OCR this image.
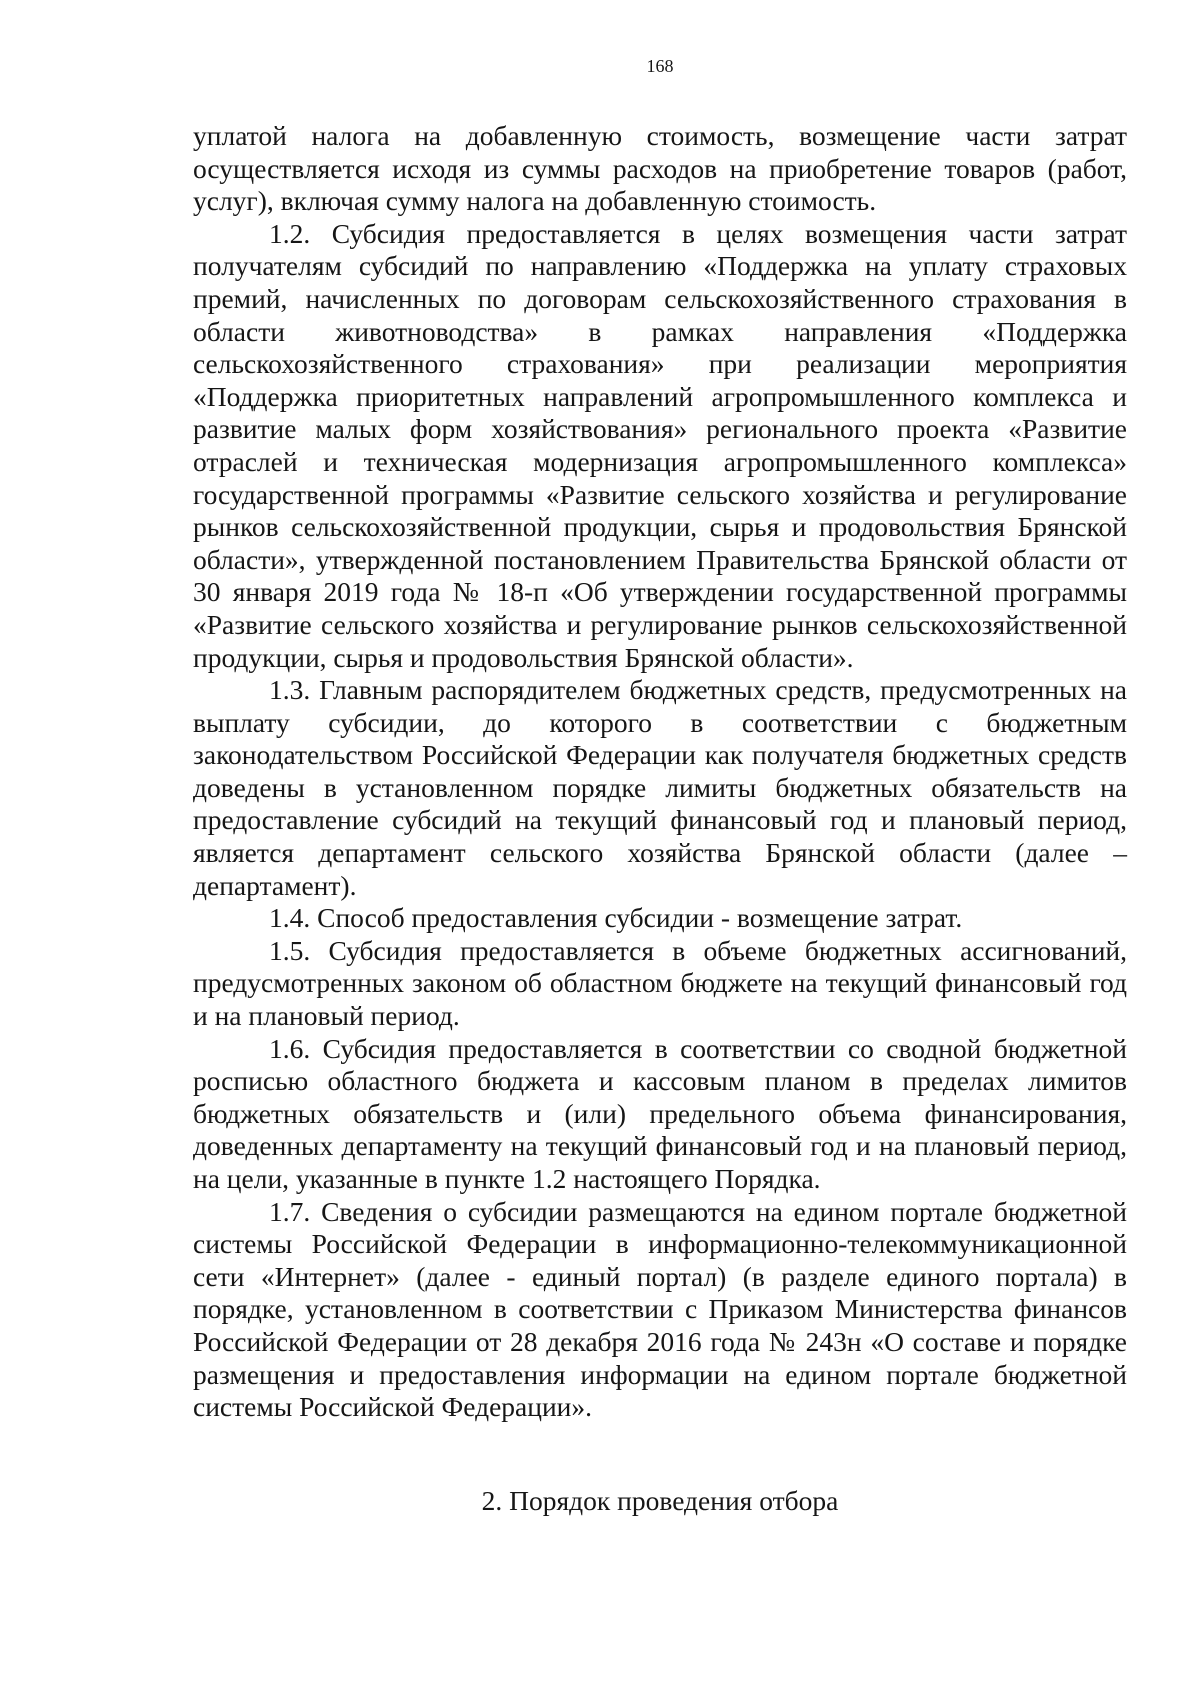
168

уплатой налога на добавленную стоимость, возмещение части затрат осуществляется исходя из суммы расходов на приобретение товаров (работ, услуг), включая сумму налога на добавленную стоимость.

1.2. Субсидия предоставляется в целях возмещения части затрат получателям субсидий по направлению «Поддержка на уплату страховых премий, начисленных по договорам сельскохозяйственного страхования в области животноводства» в рамках направления «Поддержка сельскохозяйственного страхования» при реализации мероприятия «Поддержка приоритетных направлений агропромышленного комплекса и развитие малых форм хозяйствования» регионального проекта «Развитие отраслей и техническая модернизация агропромышленного комплекса» государственной программы «Развитие сельского хозяйства и регулирование рынков сельскохозяйственной продукции, сырья и продовольствия Брянской области», утвержденной постановлением Правительства Брянской области от 30 января 2019 года № 18-п «Об утверждении государственной программы «Развитие сельского хозяйства и регулирование рынков сельскохозяйственной продукции, сырья и продовольствия Брянской области».

1.3. Главным распорядителем бюджетных средств, предусмотренных на выплату субсидии, до которого в соответствии с бюджетным законодательством Российской Федерации как получателя бюджетных средств доведены в установленном порядке лимиты бюджетных обязательств на предоставление субсидий на текущий финансовый год и плановый период, является департамент сельского хозяйства Брянской области (далее – департамент).

1.4. Способ предоставления субсидии - возмещение затрат.

1.5. Субсидия предоставляется в объеме бюджетных ассигнований, предусмотренных законом об областном бюджете на текущий финансовый год и на плановый период.

1.6. Субсидия предоставляется в соответствии со сводной бюджетной росписью областного бюджета и кассовым планом в пределах лимитов бюджетных обязательств и (или) предельного объема финансирования, доведенных департаменту на текущий финансовый год и на плановый период, на цели, указанные в пункте 1.2 настоящего Порядка.

1.7. Сведения о субсидии размещаются на едином портале бюджетной системы Российской Федерации в информационно-телекоммуникационной сети «Интернет» (далее - единый портал) (в разделе единого портала) в порядке, установленном в соответствии с Приказом Министерства финансов Российской Федерации от 28 декабря 2016 года № 243н «О составе и порядке размещения и предоставления информации на едином портале бюджетной системы Российской Федерации».

2. Порядок проведения отбора
